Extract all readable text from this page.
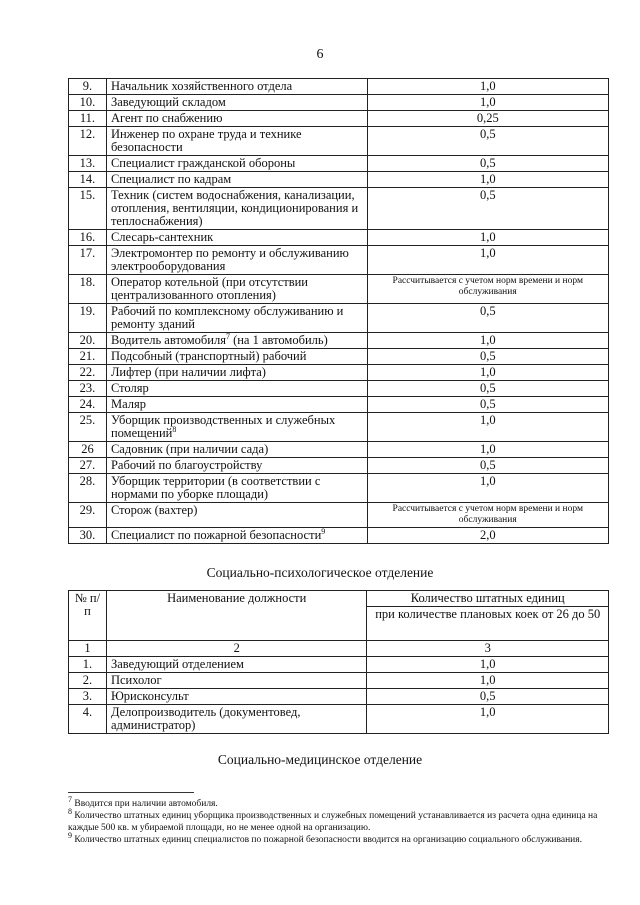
6
9.	Начальник хозяйственного отдела	1,0
10.	Заведующий складом	1,0
11.	Агент по снабжению	0,25
12.	Инженер по охране труда и технике безопасности	0,5
13.	Специалист гражданской обороны	0,5
14.	Специалист по кадрам	1,0
15.	Техник (систем водоснабжения, канализации, отопления, вентиляции, кондиционирования и теплоснабжения)	0,5
16.	Слесарь-сантехник	1,0
17.	Электромонтер по ремонту и обслуживанию электрооборудования	1,0
18.	Оператор котельной (при отсутствии централизованного отопления)	Рассчитывается с учетом норм времени и норм обслуживания
19.	Рабочий по комплексному обслуживанию и ремонту зданий	0,5
20.	Водитель автомобиля$^7$ (на 1 автомобиль)	1,0
21.	Подсобный (транспортный) рабочий	0,5
22.	Лифтер (при наличии лифта)	1,0
23.	Столяр	0,5
24.	Маляр	0,5
25.	Уборщик производственных и служебных помещений$^8$	1,0
26	Садовник (при наличии сада)	1,0
27.	Рабочий по благоустройству	0,5
28.	Уборщик территории (в соответствии с нормами по уборке площади)	1,0
29.	Сторож (вахтер)	Рассчитывается с учетом норм времени и норм обслуживания
30.	Специалист по пожарной безопасности$^9$	2,0
Социально-психологическое отделение
№ п/п	Наименование должности	Количество штатных единиц
		при количестве плановых коек от 26 до 50
1	2	3
1.	Заведующий отделением	1,0
2.	Психолог	1,0
3.	Юрисконсульт	0,5
4.	Делопроизводитель (документовед, администратор)	1,0
Социально-медицинское отделение

$^7$ Вводится при наличии автомобиля.

$^8$ Количество штатных единиц уборщика производственных и служебных помещений устанавливается из расчета одна единица на каждые 500 кв. м убираемой площади, но не менее одной на организацию.

$^9$ Количество штатных единиц специалистов по пожарной безопасности вводится на организацию социального обслуживания.
